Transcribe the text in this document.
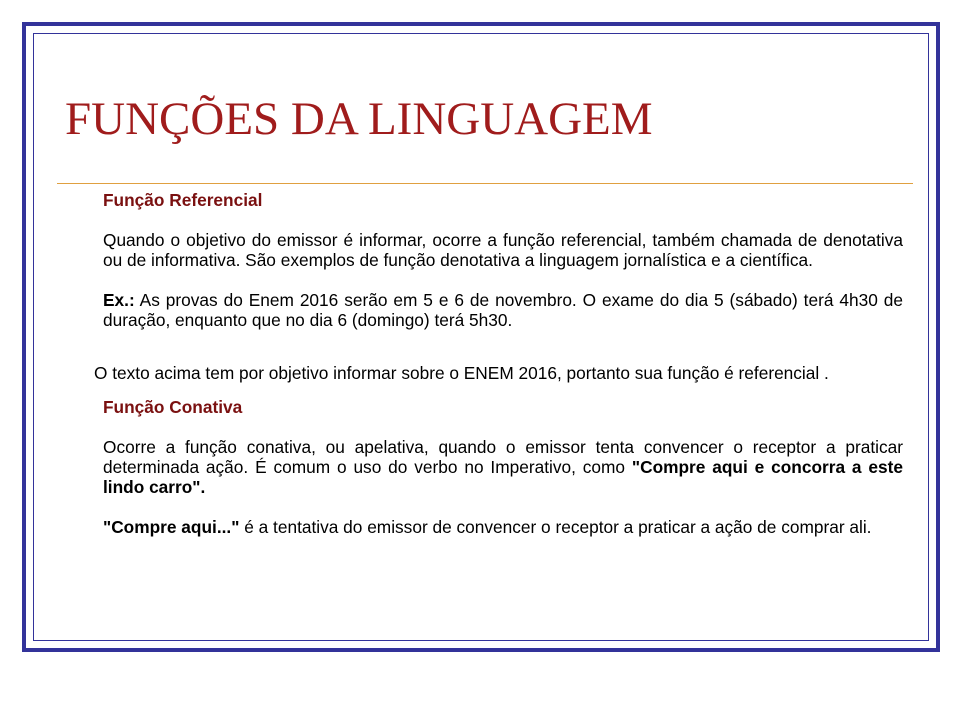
FUNÇÕES DA LINGUAGEM

Função Referencial

Quando o objetivo do emissor é informar, ocorre a função referencial, também chamada de denotativa ou de informativa. São exemplos de função denotativa a linguagem jornalística e a científica.

Ex.: As provas do Enem 2016 serão em 5 e 6 de novembro. O exame do dia 5 (sábado) terá 4h30 de duração, enquanto que no dia 6 (domingo) terá 5h30.

O texto acima tem por objetivo informar sobre o ENEM 2016, portanto sua função é referencial .

Função Conativa

Ocorre a função conativa, ou apelativa, quando o emissor tenta convencer o receptor a praticar determinada ação. É comum o uso do verbo no Imperativo, como "Compre aqui e concorra a este lindo carro".

"Compre aqui..." é a tentativa do emissor de convencer o receptor a praticar a ação de comprar ali.
